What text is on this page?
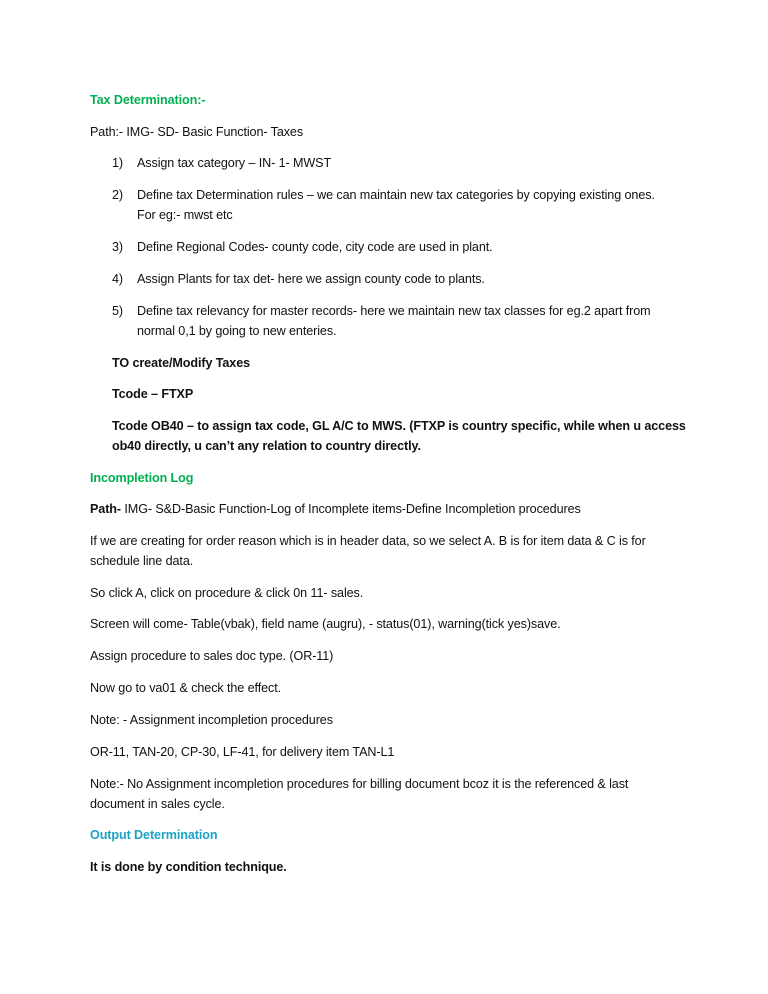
Tax Determination:-
Path:- IMG- SD- Basic Function- Taxes
1) Assign tax category – IN- 1- MWST
2) Define tax Determination rules – we can maintain new tax categories by copying existing ones.
For eg:- mwst etc
3) Define Regional Codes- county code, city code are used in plant.
4) Assign Plants for tax det- here we assign county code to plants.
5) Define tax relevancy for master records- here we maintain new tax classes for eg.2 apart from
normal 0,1 by going to new enteries.
TO create/Modify Taxes
Tcode – FTXP
Tcode OB40 – to assign tax code, GL A/C to MWS. (FTXP is country specific, while when u access
ob40 directly, u can’t any relation to country directly.
Incompletion Log
Path- IMG- S&D-Basic Function-Log of Incomplete items-Define Incompletion procedures
If we are creating for order reason which is in header data, so we select A. B is for item data & C is for
schedule line data.
So click A, click on procedure & click 0n 11- sales.
Screen will come- Table(vbak), field name (augru), - status(01), warning(tick yes)save.
Assign procedure to sales doc type. (OR-11)
Now go to va01 & check the effect.
Note: - Assignment incompletion procedures
OR-11, TAN-20, CP-30, LF-41, for delivery item TAN-L1
Note:- No Assignment incompletion procedures for billing document bcoz it is the referenced & last
document in sales cycle.
Output Determination
It is done by condition technique.
